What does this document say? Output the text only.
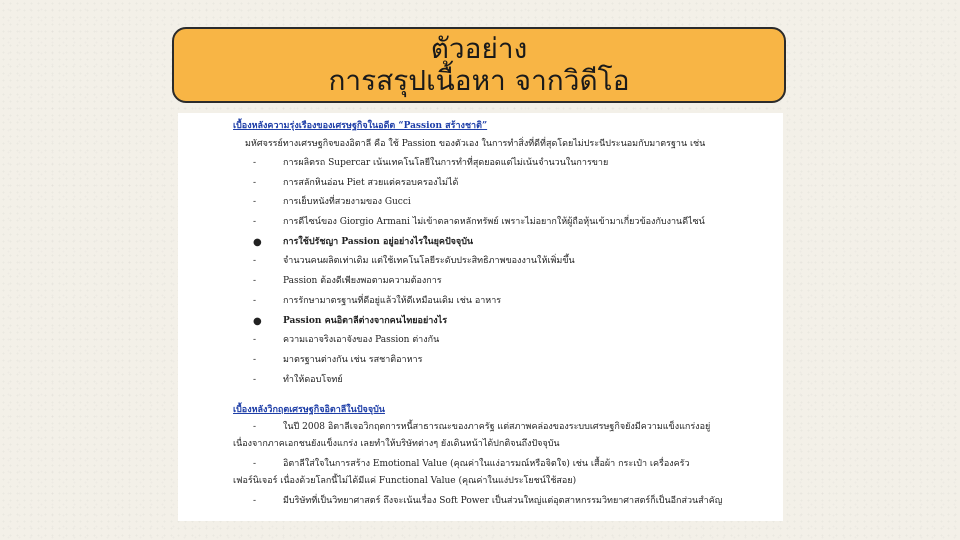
ตัวอย่าง
การสรุปเนื้อหา จากวิดีโอ
เบื้องหลังความรุ่งเรืองของเศรษฐกิจในอดีต “Passion สร้างชาติ”
มหัศจรรย์ทางเศรษฐกิจของอิตาลี คือ ใช้ Passion ของตัวเอง ในการทำสิ่งที่ดีที่สุดโดยไม่ประนีประนอมกับมาตรฐาน เช่น
-	การผลิตรถ Supercar เน้นเทคโนโลยีในการทำที่สุดยอดแต่ไม่เน้นจำนวนในการขาย
-	การสลักหินอ่อน Piet สวยแต่ครอบครองไม่ได้
-	การเย็บหนังที่สวยงามของ Gucci
-	การดีไซน์ของ Giorgio Armani ไม่เข้าตลาดหลักทรัพย์ เพราะไม่อยากให้ผู้ถือหุ้นเข้ามาเกี่ยวข้องกับงานดีไซน์
●	การใช้ปรัชญา Passion อยู่อย่างไรในยุคปัจจุบัน
-	จำนวนคนผลิตเท่าเดิม แต่ใช้เทคโนโลยีระดับประสิทธิภาพของงานให้เพิ่มขึ้น
-	Passion ต้องดีเพียงพอตามความต้องการ
-	การรักษามาตรฐานที่ดีอยู่แล้วให้ดีเหมือนเดิม เช่น อาหาร
●	Passion คนอิตาลีต่างจากคนไทยอย่างไร
-	ความเอาจริงเอาจังของ Passion ต่างกัน
-	มาตรฐานต่างกัน เช่น รสชาติอาหาร
-	ทำให้ดอบโจทย์
เบื้องหลังวิกฤตเศรษฐกิจอิตาลีในปัจจุบัน
-	ในปี 2008 อิตาลีเจอวิกฤตการหนี้สาธารณะของภาครัฐ แต่สภาพคล่องของระบบเศรษฐกิจยังมีความแข็งแกร่งอยู่
เนื่องจากภาคเอกชนยังแข็งแกร่ง เลยทำให้บริษัทต่างๆ ยังเดินหน้าได้ปกติจนถึงปัจจุบัน
-	อิตาลีใส่ใจในการสร้าง Emotional Value (คุณค่าในแง่อารมณ์หรือจิตใจ) เช่น เสื้อผ้า กระเป๋า เครื่องครัว
เฟอร์นิเจอร์ เนื่องด้วยโลกนี้ไม่ได้มีแค่ Functional Value (คุณค่าในแง่ประโยชน์ใช้สอย)
-	มีบริษัทที่เป็นวิทยาศาสตร์ ถึงจะเน้นเรื่อง Soft Power เป็นส่วนใหญ่แต่อุตสาหกรรมวิทยาศาสตร์ก็เป็นอีกส่วนสำคัญ
